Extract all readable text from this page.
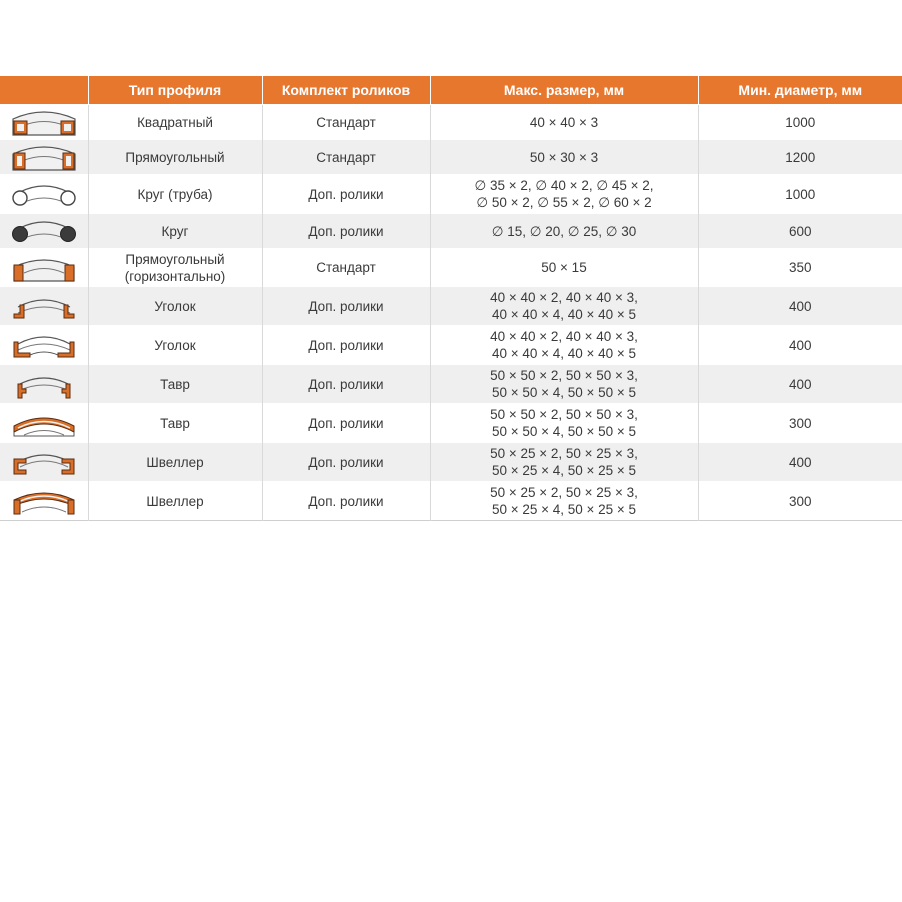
	Тип профиля	Комплект роликов	Макс. размер, мм	Мин. диаметр, мм

	Квадратный	Стандарт	40 × 40 × 3	1000

	Прямоугольный	Стандарт	50 × 30 × 3	1200

	Круг (труба)	Доп. ролики	∅ 35 × 2, ∅ 40 × 2, ∅ 45 × 2,
∅ 50 × 2, ∅ 55 × 2, ∅ 60 × 2	1000

	Круг	Доп. ролики	∅ 15, ∅ 20, ∅ 25, ∅ 30	600

	Прямоугольный (горизонтально)	Стандарт	50 × 15	350

	Уголок	Доп. ролики	40 × 40 × 2, 40 × 40 × 3,
40 × 40 × 4, 40 × 40 × 5	400

	Уголок	Доп. ролики	40 × 40 × 2, 40 × 40 × 3,
40 × 40 × 4, 40 × 40 × 5	400

	Тавр	Доп. ролики	50 × 50 × 2, 50 × 50 × 3,
50 × 50 × 4, 50 × 50 × 5	400

	Тавр	Доп. ролики	50 × 50 × 2, 50 × 50 × 3,
50 × 50 × 4, 50 × 50 × 5	300

	Швеллер	Доп. ролики	50 × 25 × 2, 50 × 25 × 3,
50 × 25 × 4, 50 × 25 × 5	400

	Швеллер	Доп. ролики	50 × 25 × 2, 50 × 25 × 3,
50 × 25 × 4, 50 × 25 × 5	300
